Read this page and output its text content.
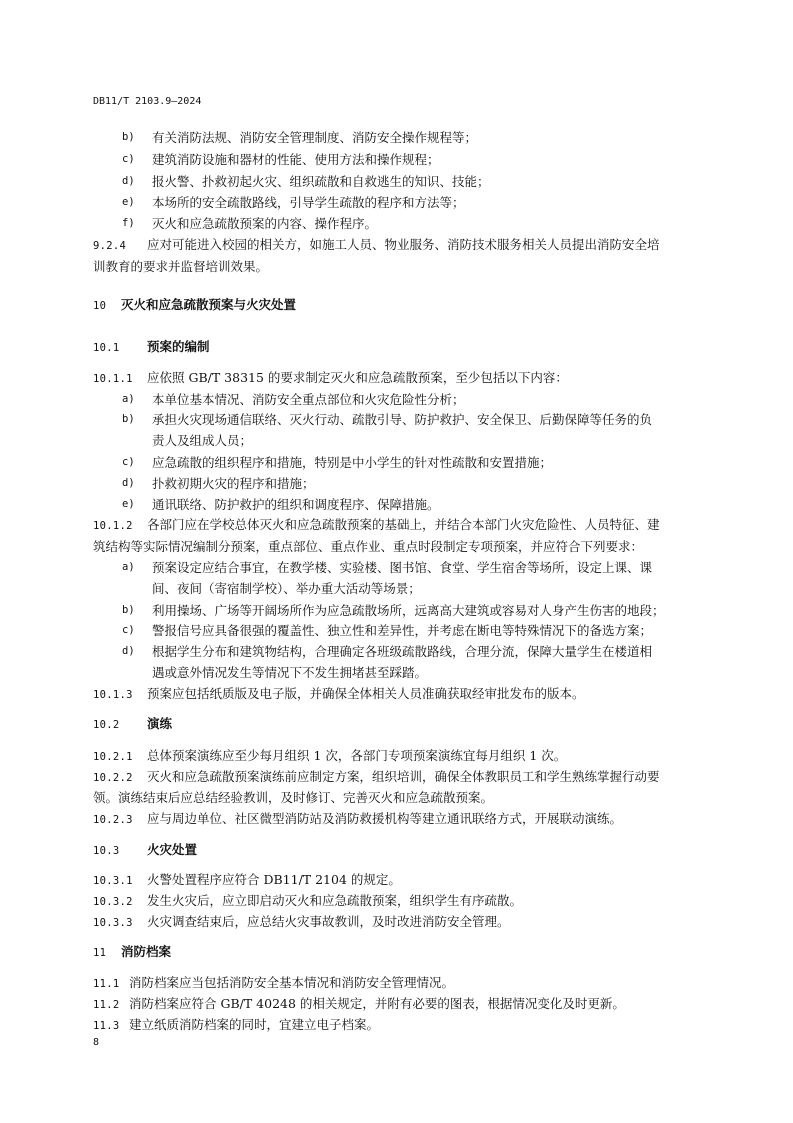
DB11/T 2103.9—2024
b) 有关消防法规、消防安全管理制度、消防安全操作规程等；
c) 建筑消防设施和器材的性能、使用方法和操作规程；
d) 报火警、扑救初起火灾、组织疏散和自救逃生的知识、技能；
e) 本场所的安全疏散路线，引导学生疏散的程序和方法等；
f) 灭火和应急疏散预案的内容、操作程序。
9.2.4 应对可能进入校园的相关方，如施工人员、物业服务、消防技术服务相关人员提出消防安全培
训教育的要求并监督培训效果。
10 灭火和应急疏散预案与火灾处置
10.1 预案的编制
10.1.1 应依照 GB/T 38315 的要求制定灭火和应急疏散预案，至少包括以下内容：
a) 本单位基本情况、消防安全重点部位和火灾危险性分析；
b) 承担火灾现场通信联络、灭火行动、疏散引导、防护救护、安全保卫、后勤保障等任务的负
责人及组成人员；
c) 应急疏散的组织程序和措施，特别是中小学生的针对性疏散和安置措施；
d) 扑救初期火灾的程序和措施；
e) 通讯联络、防护救护的组织和调度程序、保障措施。
10.1.2 各部门应在学校总体灭火和应急疏散预案的基础上，并结合本部门火灾危险性、人员特征、建
筑结构等实际情况编制分预案，重点部位、重点作业、重点时段制定专项预案，并应符合下列要求：
a) 预案设定应结合事宜，在教学楼、实验楼、图书馆、食堂、学生宿舍等场所，设定上课、课
间、夜间（寄宿制学校）、举办重大活动等场景；
b) 利用操场、广场等开阔场所作为应急疏散场所，远离高大建筑或容易对人身产生伤害的地段；
c) 警报信号应具备很强的覆盖性、独立性和差异性，并考虑在断电等特殊情况下的备选方案；
d) 根据学生分布和建筑物结构，合理确定各班级疏散路线，合理分流，保障大量学生在楼道相
遇或意外情况发生等情况下不发生拥堵甚至踩踏。
10.1.3 预案应包括纸质版及电子版，并确保全体相关人员准确获取经审批发布的版本。
10.2 演练
10.2.1 总体预案演练应至少每月组织 1 次，各部门专项预案演练宜每月组织 1 次。
10.2.2 灭火和应急疏散预案演练前应制定方案，组织培训，确保全体教职员工和学生熟练掌握行动要
领。演练结束后应总结经验教训，及时修订、完善灭火和应急疏散预案。
10.2.3 应与周边单位、社区微型消防站及消防救援机构等建立通讯联络方式，开展联动演练。
10.3 火灾处置
10.3.1 火警处置程序应符合 DB11/T 2104 的规定。
10.3.2 发生火灾后，应立即启动灭火和应急疏散预案，组织学生有序疏散。
10.3.3 火灾调查结束后，应总结火灾事故教训，及时改进消防安全管理。
11 消防档案
11.1 消防档案应当包括消防安全基本情况和消防安全管理情况。
11.2 消防档案应符合 GB/T 40248 的相关规定，并附有必要的图表，根据情况变化及时更新。
11.3 建立纸质消防档案的同时，宜建立电子档案。
8
